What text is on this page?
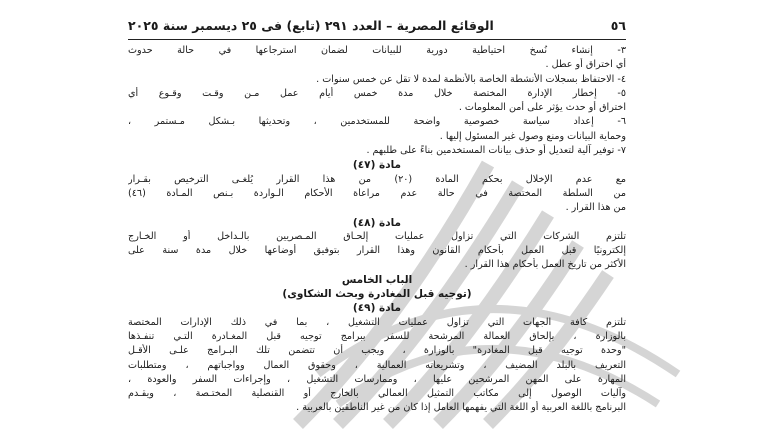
٥٦
الوقائع المصرية – العدد ٢٩١ (تابع) فى ٢٥ ديسمبر سنة ٢٠٢٥
٣- إنشاء نُسخ احتياطية دورية للبيانات لضمان استرجاعها في حالة حدوث
أي اختراق أو عطل .
٤- الاحتفاظ بسجلات الأنشطة الخاصة بالأنظمة لمدة لا تقل عن خمس سنوات .
٥- إخطار الإدارة المختصة خلال مدة خمس أيام عمل مـن وقـت وقـوع أي
اختراق أو حدث يؤثر على أمن المعلومات .
٦- إعداد سياسة خصوصية واضحة للمستخدمين ، وتحديثها بـشكل مـستمر ،
وحماية البيانات ومنع وصول غير المسئول إليها .
٧- توفير آلية لتعديل أو حذف بيانات المستخدمين بناءً على طلبهم .
مادة (٤٧)
مع عدم الإخلال بحكم المادة (٢٠) من هذا القرار يُلغـى الترخيص بقـرار
من السلطة المختصة في حالة عدم مراعاة الأحكام الـواردة بـنص المـادة (٤٦)
من هذا القرار .
مادة (٤٨)
تلتزم الشركات التي تزاول عمليات إلحـاق المـصريين بالـداخل أو الخـارج
إلكترونيًا قبل العمل بأحكام القانون وهذا القرار بتوفيق أوضاعها خلال مدة سنة على
الأكثر من تاريخ العمل بأحكام هذا القرار .
الباب الخامس
(توجيه قبل المغادرة وبحث الشكاوى)
مادة (٤٩)
تلتزم كافة الجهات التي تزاول عمليات التشغيل ، بما في ذلك الإدارات المختصة
بالوزارة ، بإلحاق العمالة المرشحة للسفر ببرامج توجيه قبل المغـادرة التـي تنفـذها
"وحدة توجيه قبل المغادرة" بالوزارة ، ويجب أن تتضمن تلك البـرامج علـى الأقـل
التعريف بالبلد المضيف ، وتشريعاته العمالية ، وحقوق العمال وواجباتهم ، ومتطلبات
المهارة على المهن المرشحين عليها ، وممارسات التشغيل ، وإجراءات السفر والعودة ،
وآليات الوصول إلى مكاتب التمثيل العمالي بالخارج أو القنصلية المختـصة ، ويقـدم
البرنامج باللغة العربية أو اللغة التي يفهمها العامل إذا كان من غير الناطقين بالعربية .
